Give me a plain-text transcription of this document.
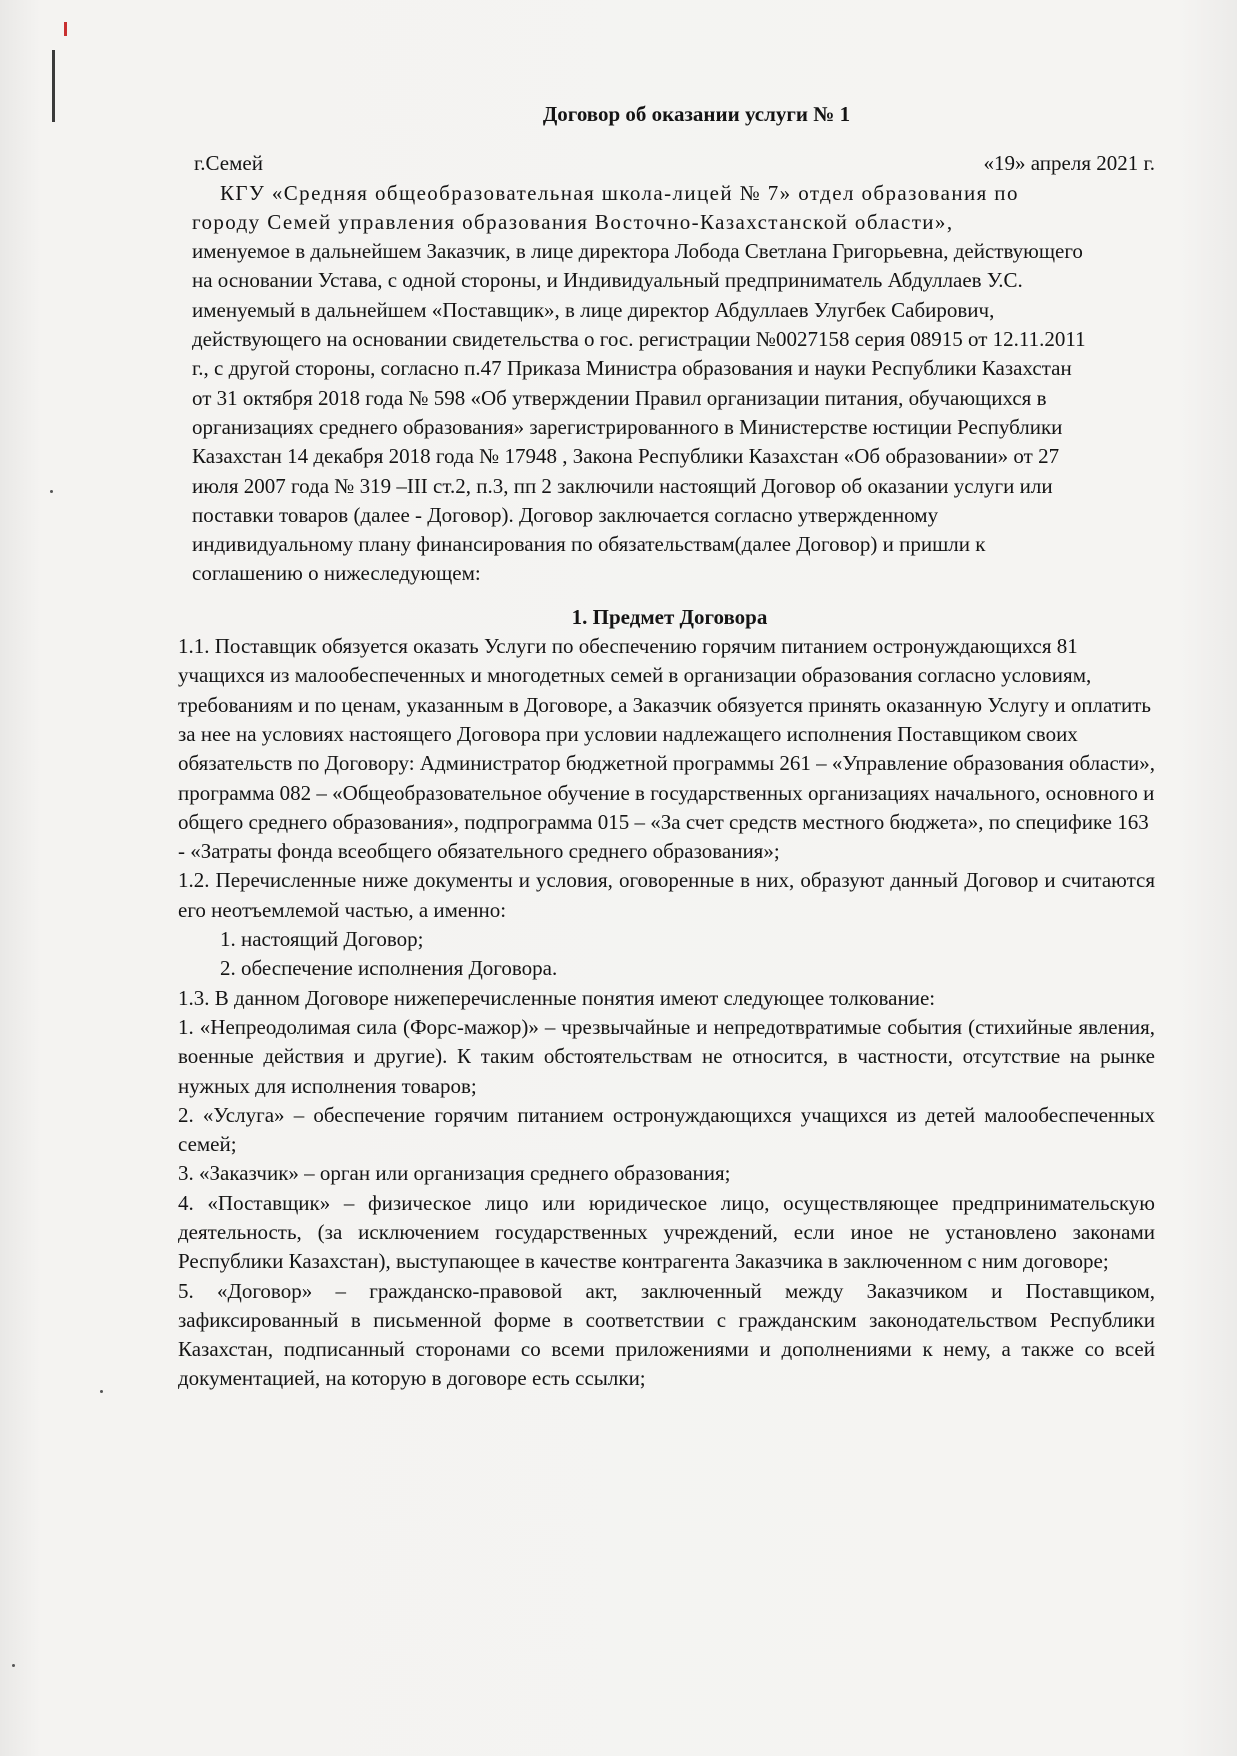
Договор об оказании услуги № 1
г.Семей	«19» апреля 2021 г.
КГУ «Средняя общеобразовательная школа-лицей № 7» отдел образования по городу Семей управления образования Восточно-Казахстанской области»,
именуемое в дальнейшем Заказчик, в лице директора Лобода Светлана Григорьевна, действующего на основании Устава, с одной стороны, и Индивидуальный предприниматель Абдуллаев У.С. именуемый в дальнейшем «Поставщик», в лице директор Абдуллаев Улугбек Сабирович, действующего на основании свидетельства о гос. регистрации №0027158 серия 08915 от 12.11.2011 г., с другой стороны, согласно п.47 Приказа Министра образования и науки Республики Казахстан от 31 октября 2018 года № 598 «Об утверждении Правил организации питания, обучающихся в организациях среднего образования» зарегистрированного в Министерстве юстиции Республики Казахстан 14 декабря 2018 года № 17948 , Закона Республики Казахстан «Об образовании» от 27 июля 2007 года № 319 –III ст.2, п.3, пп 2 заключили настоящий Договор об оказании услуги или поставки товаров (далее - Договор). Договор заключается согласно утвержденному индивидуальному плану финансирования по обязательствам(далее Договор) и пришли к соглашению о нижеследующем:
1. Предмет Договора
1.1. Поставщик обязуется оказать Услуги по обеспечению горячим питанием остронуждающихся 81 учащихся из малообеспеченных и многодетных семей в организации образования согласно условиям, требованиям и по ценам, указанным в Договоре, а Заказчик обязуется принять оказанную Услугу и оплатить за нее на условиях настоящего Договора при условии надлежащего исполнения Поставщиком своих обязательств по Договору: Администратор бюджетной программы 261 – «Управление образования области», программа 082 – «Общеобразовательное обучение в государственных организациях начального, основного и общего среднего образования», подпрограмма 015 – «За счет средств местного бюджета», по специфике 163 - «Затраты фонда всеобщего обязательного среднего образования»;
1.2. Перечисленные ниже документы и условия, оговоренные в них, образуют данный Договор и считаются его неотъемлемой частью, а именно:
1. настоящий Договор;
2. обеспечение исполнения Договора.
1.3. В данном Договоре нижеперечисленные понятия имеют следующее толкование:
1. «Непреодолимая сила (Форс-мажор)» – чрезвычайные и непредотвратимые события (стихийные явления, военные действия и другие). К таким обстоятельствам не относится, в частности, отсутствие на рынке нужных для исполнения товаров;
2. «Услуга» – обеспечение горячим питанием остронуждающихся учащихся из детей малообеспеченных семей;
3. «Заказчик» – орган или организация среднего образования;
4. «Поставщик» – физическое лицо или юридическое лицо, осуществляющее предпринимательскую деятельность, (за исключением государственных учреждений, если иное не установлено законами Республики Казахстан), выступающее в качестве контрагента Заказчика в заключенном с ним договоре;
5. «Договор» – гражданско-правовой акт, заключенный между Заказчиком и Поставщиком, зафиксированный в письменной форме в соответствии с гражданским законодательством Республики Казахстан, подписанный сторонами со всеми приложениями и дополнениями к нему, а также со всей документацией, на которую в договоре есть ссылки;
